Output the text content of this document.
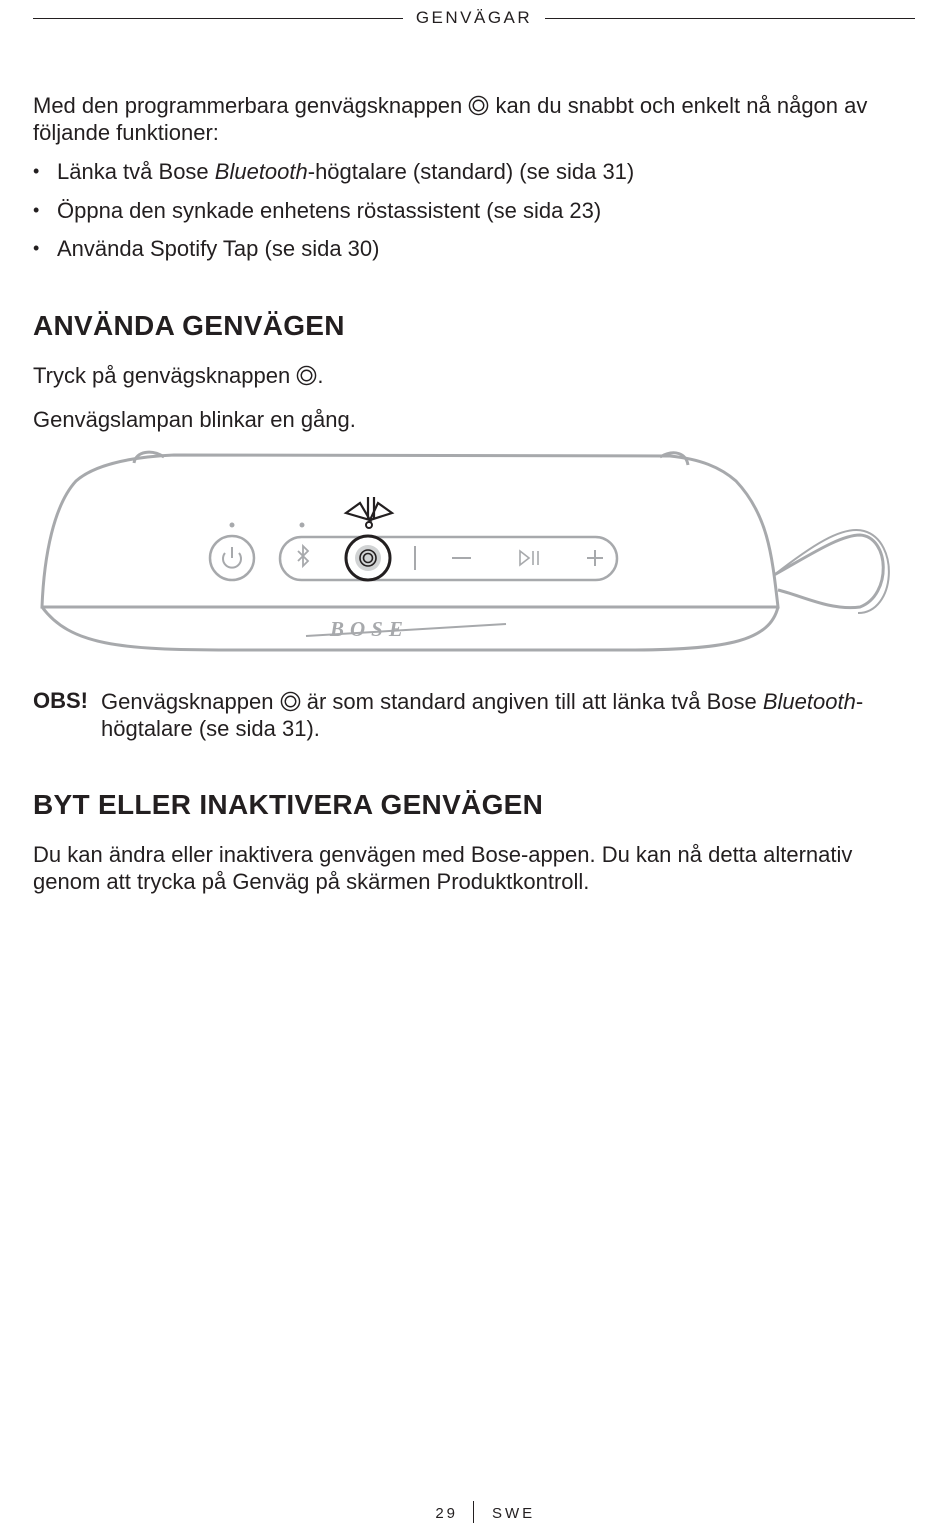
GENVÄGAR
Med den programmerbara genvägsknappen kan du snabbt och enkelt nå någon av
följande funktioner:
• Länka två Bose Bluetooth-högtalare (standard) (se sida 31)
• Öppna den synkade enhetens röstassistent (se sida 23)
• Använda Spotify Tap (se sida 30)
ANVÄNDA GENVÄGEN
Tryck på genvägsknappen .
Genvägslampan blinkar en gång.
BOSE
OBS! Genvägsknappen är som standard angiven till att länka två Bose Bluetooth-
högtalare (se sida 31).
BYT ELLER INAKTIVERA GENVÄGEN
Du kan ändra eller inaktivera genvägen med Bose-appen. Du kan nå detta alternativ
genom att trycka på Genväg på skärmen Produktkontroll.
29 SWE
